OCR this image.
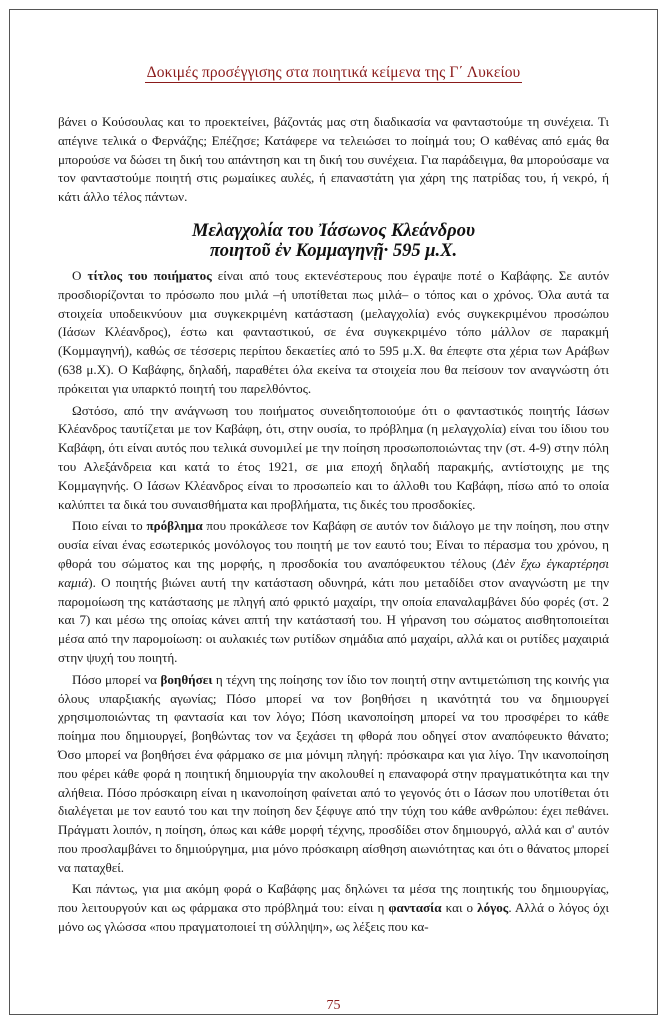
Δοκιμές προσέγγισης στα ποιητικά κείμενα της Γ΄ Λυκείου

βάνει ο Κούσουλας και το προεκτείνει, βάζοντάς μας στη διαδικασία να φανταστούμε τη συνέχεια. Τι απέγινε τελικά ο Φερνάζης; Επέζησε; Κατάφερε να τελειώσει το ποίημά του; Ο καθένας από εμάς θα μπορούσε να δώσει τη δική του απάντηση και τη δική του συνέχεια. Για παράδειγμα, θα μπορούσαμε να τον φανταστούμε ποιητή στις ρωμαίικες αυλές, ή επαναστάτη για χάρη της πατρίδας του, ή νεκρό, ή κάτι άλλο τέλος πάντων.

Μελαγχολία του Ἰάσωνος Κλεάνδρου
ποιητοῦ ἐν Κομμαγηνῇ· 595 μ.Χ.

Ο τίτλος του ποιήματος είναι από τους εκτενέστερους που έγραψε ποτέ ο Καβάφης. Σε αυτόν προσδιορίζονται το πρόσωπο που μιλά –ή υποτίθεται πως μιλά– ο τόπος και ο χρόνος. Όλα αυτά τα στοιχεία υποδεικνύουν μια συγκεκριμένη κατάσταση (μελαγχολία) ενός συγκεκριμένου προσώπου (Ιάσων Κλέανδρος), έστω και φανταστικού, σε ένα συγκεκριμένο τόπο μάλλον σε παρακμή (Κομμαγηνή), καθώς σε τέσσερις περίπου δεκαετίες από το 595 μ.Χ. θα έπεφτε στα χέρια των Αράβων (638 μ.Χ). Ο Καβάφης, δηλαδή, παραθέτει όλα εκείνα τα στοιχεία που θα πείσουν τον αναγνώστη ότι πρόκειται για υπαρκτό ποιητή του παρελθόντος.

Ωστόσο, από την ανάγνωση του ποιήματος συνειδητοποιούμε ότι ο φανταστικός ποιητής Ιάσων Κλέανδρος ταυτίζεται με τον Καβάφη, ότι, στην ουσία, το πρόβλημα (η μελαγχολία) είναι του ίδιου του Καβάφη, ότι είναι αυτός που τελικά συνομιλεί με την ποίηση προσωποποιώντας την (στ. 4-9) στην πόλη του Αλεξάνδρεια και κατά το έτος 1921, σε μια εποχή δηλαδή παρακμής, αντίστοιχης με της Κομμαγηνής. Ο Ιάσων Κλέανδρος είναι το προσωπείο και το άλλοθι του Καβάφη, πίσω από το οποία καλύπτει τα δικά του συναισθήματα και προβλήματα, τις δικές του προσδοκίες.

Ποιο είναι το πρόβλημα που προκάλεσε τον Καβάφη σε αυτόν τον διάλογο με την ποίηση, που στην ουσία είναι ένας εσωτερικός μονόλογος του ποιητή με τον εαυτό του; Είναι το πέρασμα του χρόνου, η φθορά του σώματος και της μορφής, η προσδοκία του αναπόφευκτου τέλους (Δὲν ἔχω ἐγκαρτέρησι καμιά). Ο ποιητής βιώνει αυτή την κατάσταση οδυνηρά, κάτι που μεταδίδει στον αναγνώστη με την παρομοίωση της κατάστασης με πληγή από φρικτό μαχαίρι, την οποία επαναλαμβάνει δύο φορές (στ. 2 και 7) και μέσω της οποίας κάνει απτή την κατάστασή του. Η γήρανση του σώματος αισθητοποιείται μέσα από την παρομοίωση: οι αυλακιές των ρυτίδων σημάδια από μαχαίρι, αλλά και οι ρυτίδες μαχαιριά στην ψυχή του ποιητή.

Πόσο μπορεί να βοηθήσει η τέχνη της ποίησης τον ίδιο τον ποιητή στην αντιμετώπιση της κοινής για όλους υπαρξιακής αγωνίας; Πόσο μπορεί να τον βοηθήσει η ικανότητά του να δημιουργεί χρησιμοποιώντας τη φαντασία και τον λόγο; Πόση ικανοποίηση μπορεί να του προσφέρει το κάθε ποίημα που δημιουργεί, βοηθώντας τον να ξεχάσει τη φθορά που οδηγεί στον αναπόφευκτο θάνατο; Όσο μπορεί να βοηθήσει ένα φάρμακο σε μια μόνιμη πληγή: πρόσκαιρα και για λίγο. Την ικανοποίηση που φέρει κάθε φορά η ποιητική δημιουργία την ακολουθεί η επαναφορά στην πραγματικότητα και την αλήθεια. Πόσο πρόσκαιρη είναι η ικανοποίηση φαίνεται από το γεγονός ότι ο Ιάσων που υποτίθεται ότι διαλέγεται με τον εαυτό του και την ποίηση δεν ξέφυγε από την τύχη του κάθε ανθρώπου: έχει πεθάνει. Πράγματι λοιπόν, η ποίηση, όπως και κάθε μορφή τέχνης, προσδίδει στον δημιουργό, αλλά και σ' αυτόν που προσλαμβάνει το δημιούργημα, μια μόνο πρόσκαιρη αίσθηση αιωνιότητας και ότι ο θάνατος μπορεί να παταχθεί.

Και πάντως, για μια ακόμη φορά ο Καβάφης μας δηλώνει τα μέσα της ποιητικής του δημιουργίας, που λειτουργούν και ως φάρμακα στο πρόβλημά του: είναι η φαντασία και ο λόγος. Αλλά ο λόγος όχι μόνο ως γλώσσα «που πραγματοποιεί τη σύλληψη», ως λέξεις που κα-

75
